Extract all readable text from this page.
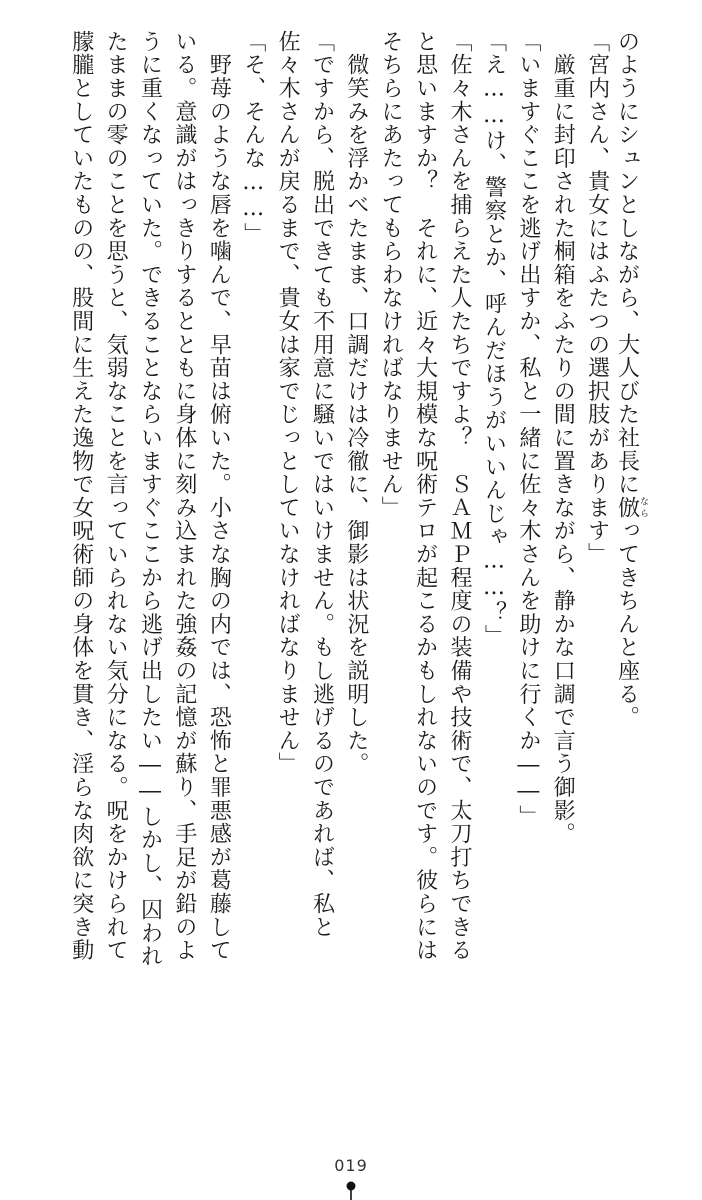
のようにシュンとしながら、大人びた社長に倣ならってきちんと座る。
「宮内さん、貴女にはふたつの選択肢があります」
　厳重に封印された桐箱をふたりの間に置きながら、静かな口調で言う御影。
「いますぐここを逃げ出すか、私と一緒に佐々木さんを助けに行くか――」
「え……け、警察とか、呼んだほうがいいんじゃ……？」
「佐々木さんを捕らえた人たちですよ？　ＳＡＭＰ程度の装備や技術で、太刀打ちできる
と思いますか？　それに、近々大規模な呪術テロが起こるかもしれないのです。彼らには
そちらにあたってもらわなければなりません」
　微笑みを浮かべたまま、口調だけは冷徹に、御影は状況を説明した。
「ですから、脱出できても不用意に騒いではいけません。もし逃げるのであれば、私と
佐々木さんが戻るまで、貴女は家でじっとしていなければなりません」
「そ、そんな……」
　野苺のような唇を噛んで、早苗は俯いた。小さな胸の内では、恐怖と罪悪感が葛藤して
いる。意識がはっきりするとともに身体に刻み込まれた強姦の記憶が蘇り、手足が鉛のよ
うに重くなっていた。できることならいますぐここから逃げ出したい――しかし、囚われ
たままの零のことを思うと、気弱なことを言っていられない気分になる。呪をかけられて
朦朧としていたものの、股間に生えた逸物で女呪術師の身体を貫き、淫らな肉欲に突き動
019
